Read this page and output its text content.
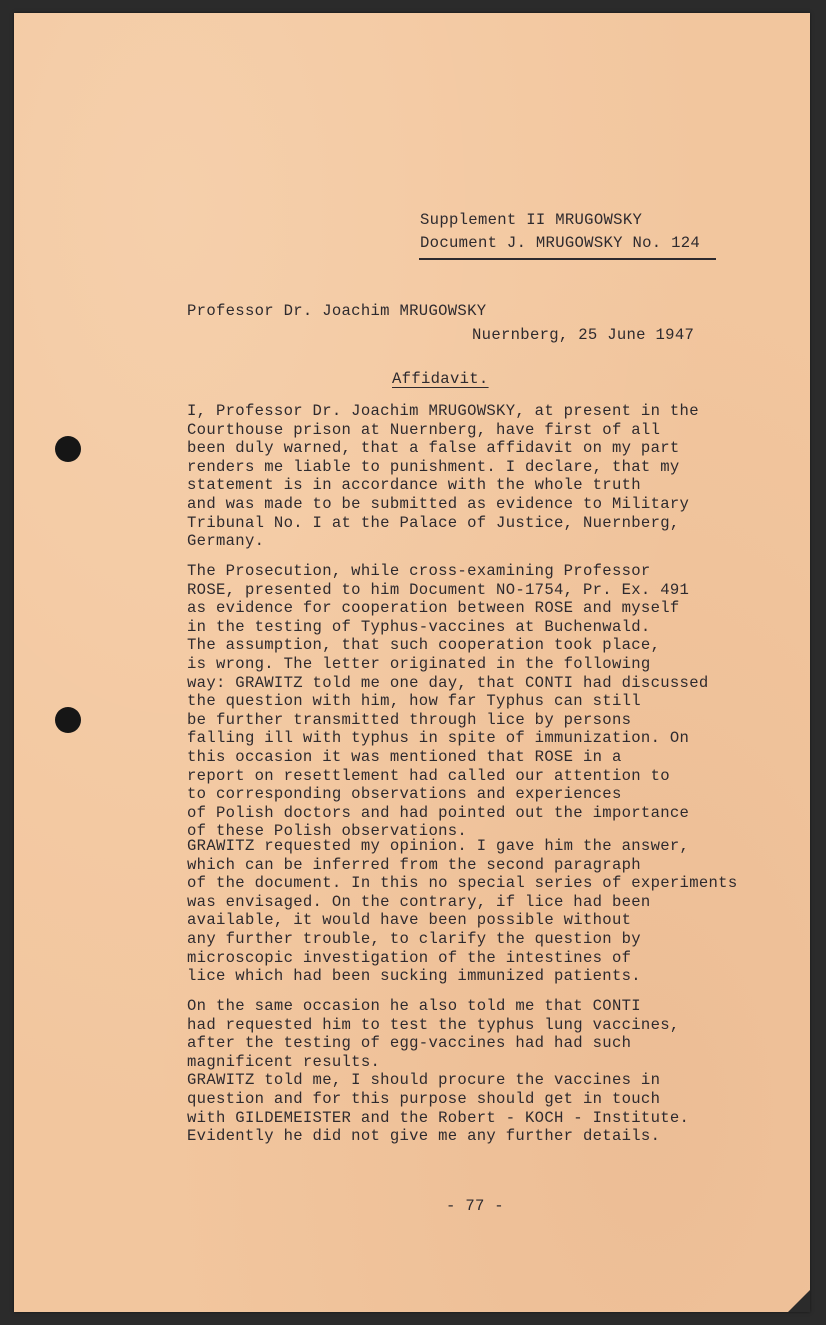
Supplement II MRUGOWSKY
Document J. MRUGOWSKY No. 124
Professor Dr. Joachim MRUGOWSKY
Nuernberg, 25 June 1947
Affidavit.

I, Professor Dr. Joachim MRUGOWSKY, at present in the
Courthouse prison at Nuernberg, have first of all
been duly warned, that a false affidavit on my part
renders me liable to punishment. I declare, that my
statement is in accordance with the whole truth
and was made to be submitted as evidence to Military
Tribunal No. I at the Palace of Justice, Nuernberg,
Germany.

The Prosecution, while cross-examining Professor
ROSE, presented to him Document NO-1754, Pr. Ex. 491
as evidence for cooperation between ROSE and myself
in the testing of Typhus-vaccines at Buchenwald.
The assumption, that such cooperation took place,
is wrong. The letter originated in the following
way: GRAWITZ told me one day, that CONTI had discussed
the question with him, how far Typhus can still
be further transmitted through lice by persons
falling ill with typhus in spite of immunization. On
this occasion it was mentioned that ROSE in a
report on resettlement had called our attention to
to corresponding observations and experiences
of Polish doctors and had pointed out the importance
of these Polish observations.

GRAWITZ requested my opinion. I gave him the answer,
which can be inferred from the second paragraph
of the document. In this no special series of experiments
was envisaged. On the contrary, if lice had been
available, it would have been possible without
any further trouble, to clarify the question by
microscopic investigation of the intestines of
lice which had been sucking immunized patients.

On the same occasion he also told me that CONTI
had requested him to test the typhus lung vaccines,
after the testing of egg-vaccines had had such
magnificent results.
GRAWITZ told me, I should procure the vaccines in
question and for this purpose should get in touch
with GILDEMEISTER and the Robert - KOCH - Institute.
Evidently he did not give me any further details.

- 77 -
